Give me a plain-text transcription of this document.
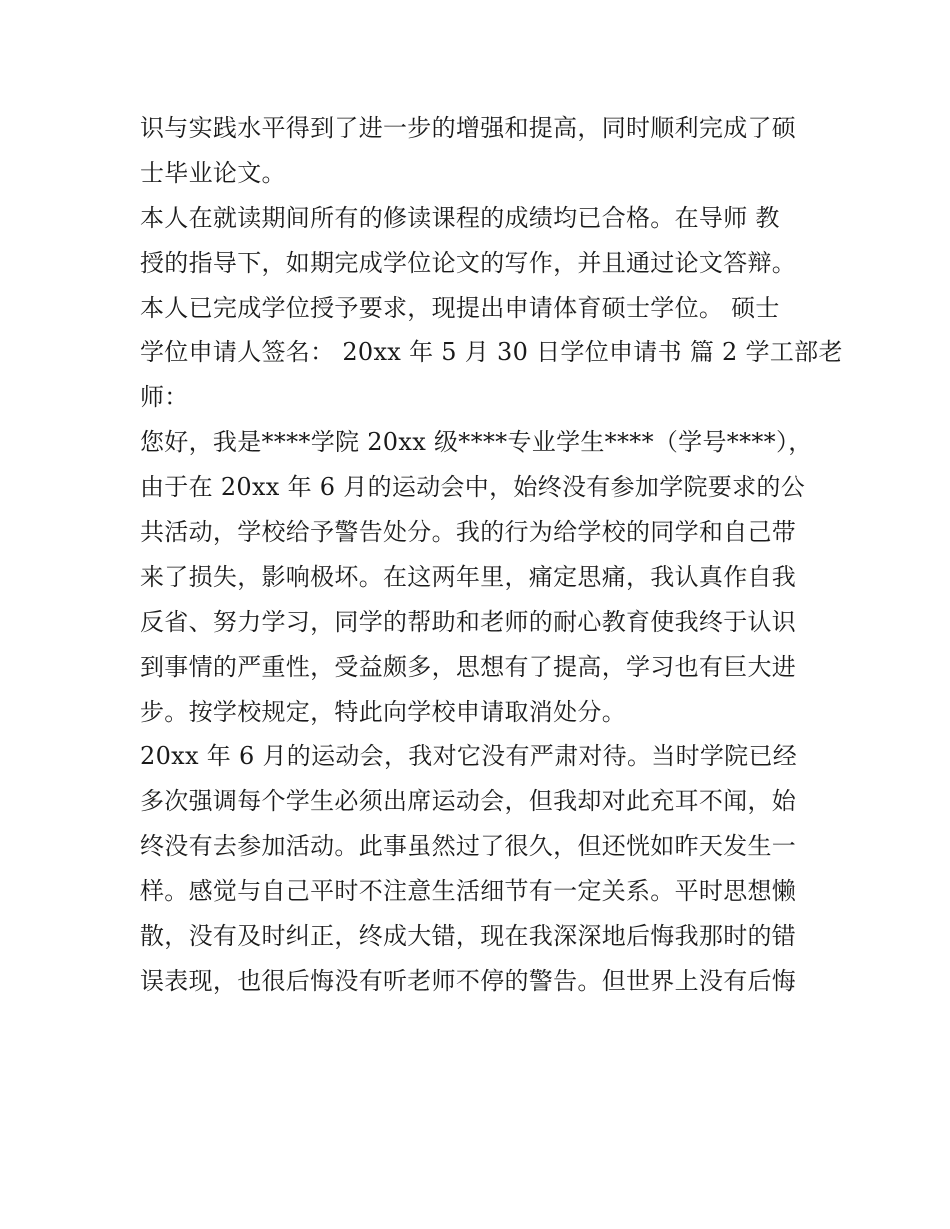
识与实践水平得到了进一步的增强和提高，同时顺利完成了硕
士毕业论文。
本人在就读期间所有的修读课程的成绩均已合格。在导师 教
授的指导下，如期完成学位论文的写作，并且通过论文答辩。
本人已完成学位授予要求，现提出申请体育硕士学位。 硕士
学位申请人签名： 20xx 年 5 月 30 日学位申请书 篇 2 学工部老
师：
您好，我是****学院 20xx 级****专业学生****（学号****），
由于在 20xx 年 6 月的运动会中，始终没有参加学院要求的公
共活动，学校给予警告处分。我的行为给学校的同学和自己带
来了损失，影响极坏。在这两年里，痛定思痛，我认真作自我
反省、努力学习，同学的帮助和老师的耐心教育使我终于认识
到事情的严重性，受益颇多，思想有了提高，学习也有巨大进
步。按学校规定，特此向学校申请取消处分。
20xx 年 6 月的运动会，我对它没有严肃对待。当时学院已经
多次强调每个学生必须出席运动会，但我却对此充耳不闻，始
终没有去参加活动。此事虽然过了很久，但还恍如昨天发生一
样。感觉与自己平时不注意生活细节有一定关系。平时思想懒
散，没有及时纠正，终成大错，现在我深深地后悔我那时的错
误表现，也很后悔没有听老师不停的警告。但世界上没有后悔
